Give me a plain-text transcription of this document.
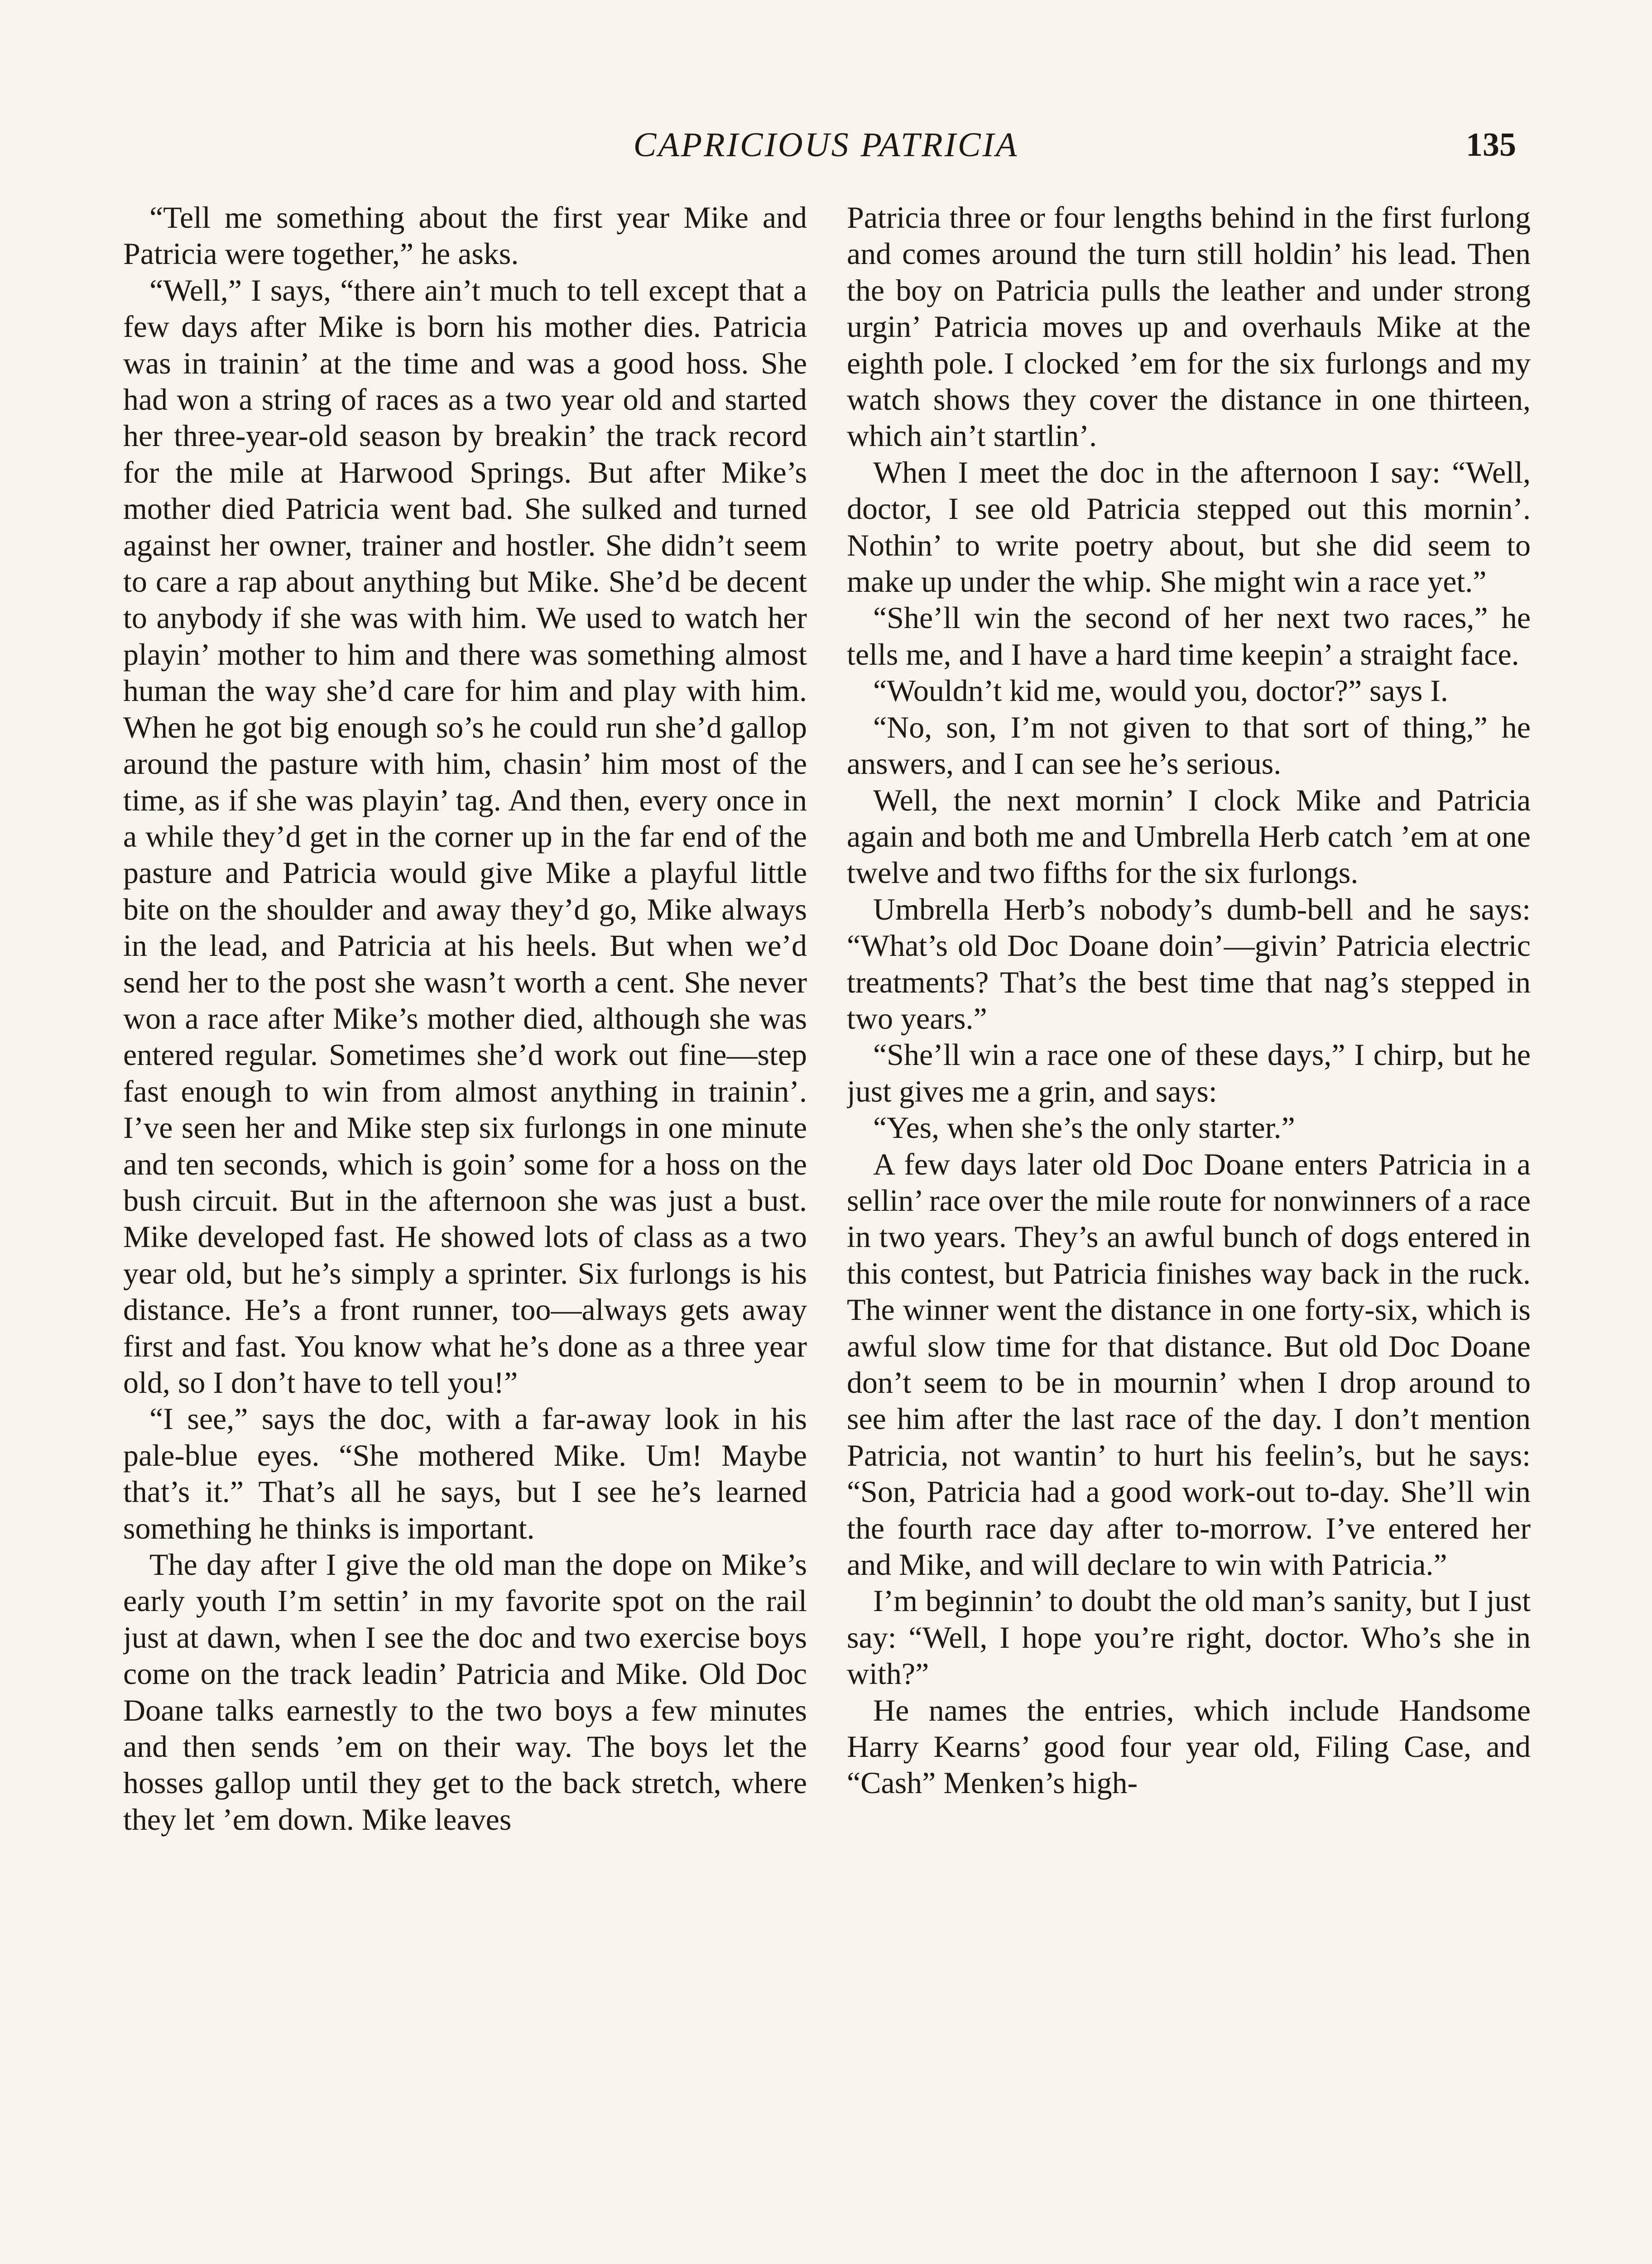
CAPRICIOUS PATRICIA	135

“Tell me something about the first year Mike and Patricia were together,” he asks.

“Well,” I says, “there ain’t much to tell except that a few days after Mike is born his mother dies. Patricia was in trainin’ at the time and was a good hoss. She had won a string of races as a two year old and started her three-year-old season by breakin’ the track record for the mile at Harwood Springs. But after Mike’s mother died Patricia went bad. She sulked and turned against her owner, trainer and hostler. She didn’t seem to care a rap about anything but Mike. She’d be decent to anybody if she was with him. We used to watch her playin’ mother to him and there was something almost human the way she’d care for him and play with him. When he got big enough so’s he could run she’d gallop around the pasture with him, chasin’ him most of the time, as if she was playin’ tag. And then, every once in a while they’d get in the corner up in the far end of the pasture and Patricia would give Mike a playful little bite on the shoulder and away they’d go, Mike always in the lead, and Patricia at his heels. But when we’d send her to the post she wasn’t worth a cent. She never won a race after Mike’s mother died, although she was entered regular. Sometimes she’d work out fine—step fast enough to win from almost anything in trainin’. I’ve seen her and Mike step six furlongs in one minute and ten seconds, which is goin’ some for a hoss on the bush circuit. But in the afternoon she was just a bust. Mike developed fast. He showed lots of class as a two year old, but he’s simply a sprinter. Six furlongs is his distance. He’s a front runner, too—always gets away first and fast. You know what he’s done as a three year old, so I don’t have to tell you!”

“I see,” says the doc, with a far-away look in his pale-blue eyes. “She mothered Mike. Um! Maybe that’s it.” That’s all he says, but I see he’s learned something he thinks is important.

The day after I give the old man the dope on Mike’s early youth I’m settin’ in my favorite spot on the rail just at dawn, when I see the doc and two exercise boys come on the track leadin’ Patricia and Mike. Old Doc Doane talks earnestly to the two boys a few minutes and then sends ’em on their way. The boys let the hosses gallop until they get to the back stretch, where they let ’em down. Mike leaves

Patricia three or four lengths behind in the first furlong and comes around the turn still holdin’ his lead. Then the boy on Patricia pulls the leather and under strong urgin’ Patricia moves up and overhauls Mike at the eighth pole. I clocked ’em for the six furlongs and my watch shows they cover the distance in one thirteen, which ain’t startlin’.

When I meet the doc in the afternoon I say: “Well, doctor, I see old Patricia stepped out this mornin’. Nothin’ to write poetry about, but she did seem to make up under the whip. She might win a race yet.”

“She’ll win the second of her next two races,” he tells me, and I have a hard time keepin’ a straight face.

“Wouldn’t kid me, would you, doctor?” says I.

“No, son, I’m not given to that sort of thing,” he answers, and I can see he’s serious.

Well, the next mornin’ I clock Mike and Patricia again and both me and Umbrella Herb catch ’em at one twelve and two fifths for the six furlongs.

Umbrella Herb’s nobody’s dumb-bell and he says: “What’s old Doc Doane doin’—givin’ Patricia electric treatments? That’s the best time that nag’s stepped in two years.”

“She’ll win a race one of these days,” I chirp, but he just gives me a grin, and says:

“Yes, when she’s the only starter.”

A few days later old Doc Doane enters Patricia in a sellin’ race over the mile route for nonwinners of a race in two years. They’s an awful bunch of dogs entered in this contest, but Patricia finishes way back in the ruck. The winner went the distance in one forty-six, which is awful slow time for that distance. But old Doc Doane don’t seem to be in mournin’ when I drop around to see him after the last race of the day. I don’t mention Patricia, not wantin’ to hurt his feelin’s, but he says: “Son, Patricia had a good work-out to-day. She’ll win the fourth race day after to-morrow. I’ve entered her and Mike, and will declare to win with Patricia.”

I’m beginnin’ to doubt the old man’s sanity, but I just say: “Well, I hope you’re right, doctor. Who’s she in with?”

He names the entries, which include Handsome Harry Kearns’ good four year old, Filing Case, and “Cash” Menken’s high-
